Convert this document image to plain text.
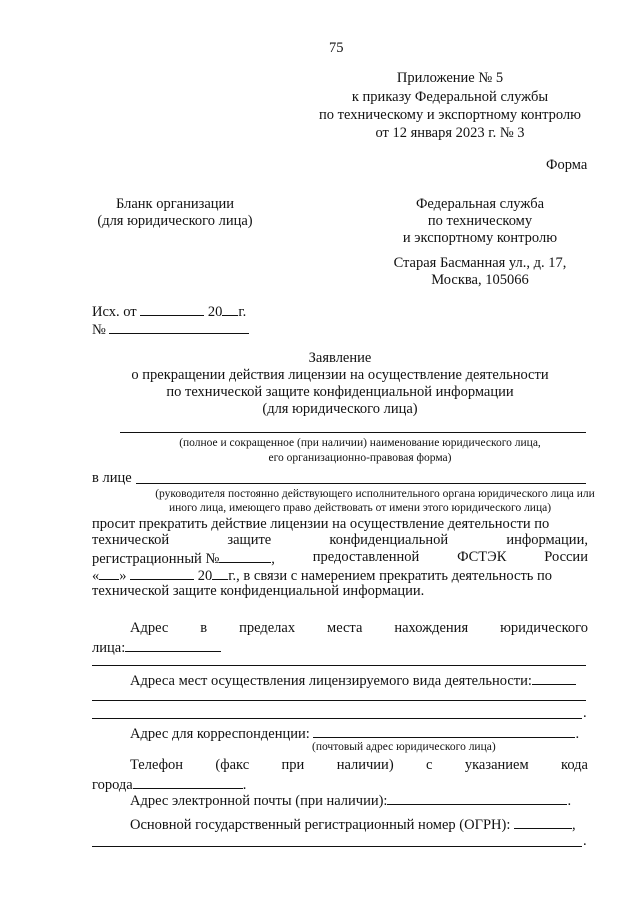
75
Приложение № 5
к приказу Федеральной службы
по техническому и экспортному контролю
от 12 января 2023 г. № 3
Форма
Бланк организации
(для юридического лица)
Федеральная служба
по техническому
и экспортному контролю
Старая Басманная ул., д. 17,
Москва, 105066
Исх. от	20 г.
№
Заявление
о прекращении действия лицензии на осуществление деятельности
по технической защите конфиденциальной информации
(для юридического лица)
(полное и сокращенное (при наличии) наименование юридического лица,
его организационно-правовая форма)
в лице
(руководителя постоянно действующего исполнительного органа юридического лица или
иного лица, имеющего право действовать от имени этого юридического лица)
просит прекратить действие лицензии на осуществление деятельности по
технической	защите	конфиденциальной	информации,
регистрационный №	,	предоставленной	ФСТЭК	России
« »	20 г., в связи с намерением прекратить деятельность по
технической защите конфиденциальной информации.
Адрес в пределах места нахождения юридического
лица:
Адреса мест осуществления лицензируемого вида деятельности:
.
Адрес для корреспонденции:	.
(почтовый адрес юридического лица)
Телефон (факс при наличии) с указанием кода
города	.
Адрес электронной почты (при наличии):	.
Основной государственный регистрационный номер (ОГРН):	,
.
